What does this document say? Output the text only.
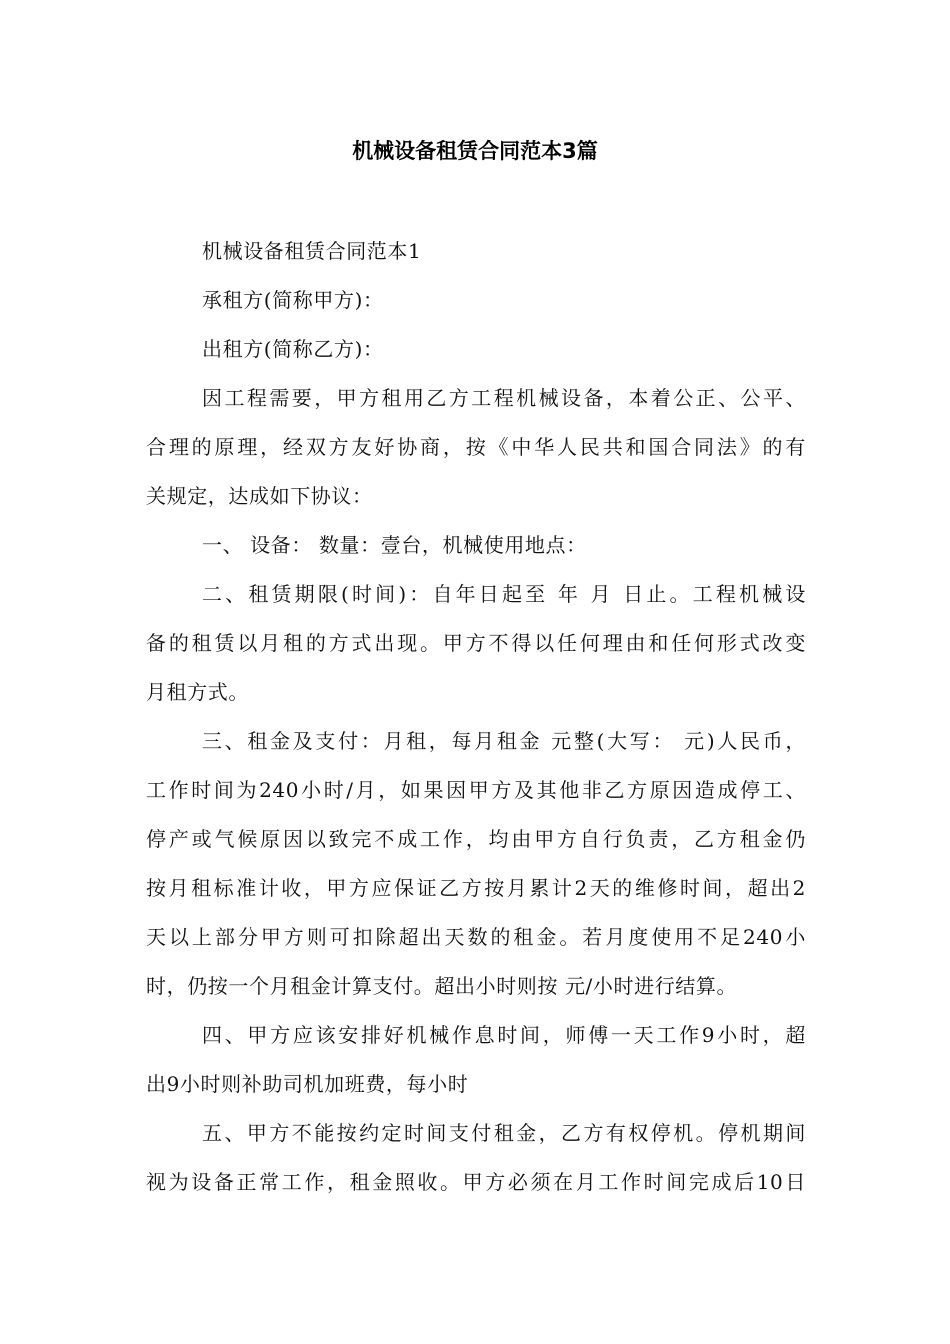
机械设备租赁合同范本3篇
机械设备租赁合同范本1
承租方(简称甲方)：
出租方(简称乙方)：
因工程需要，甲方租用乙方工程机械设备，本着公正、公平、
合理的原理，经双方友好协商，按《中华人民共和国合同法》的有
关规定，达成如下协议：
一、 设备： 数量：壹台，机械使用地点：
二、租赁期限(时间)：自年日起至 年 月 日止。工程机械设
备的租赁以月租的方式出现。甲方不得以任何理由和任何形式改变
月租方式。
三、租金及支付：月租，每月租金 元整(大写： 元)人民币，
工作时间为240小时/月，如果因甲方及其他非乙方原因造成停工、
停产或气候原因以致完不成工作，均由甲方自行负责，乙方租金仍
按月租标准计收，甲方应保证乙方按月累计2天的维修时间，超出2
天以上部分甲方则可扣除超出天数的租金。若月度使用不足240小
时，仍按一个月租金计算支付。超出小时则按 元/小时进行结算。
四、甲方应该安排好机械作息时间，师傅一天工作9小时，超
出9小时则补助司机加班费，每小时
五、甲方不能按约定时间支付租金，乙方有权停机。停机期间
视为设备正常工作，租金照收。甲方必须在月工作时间完成后10日
